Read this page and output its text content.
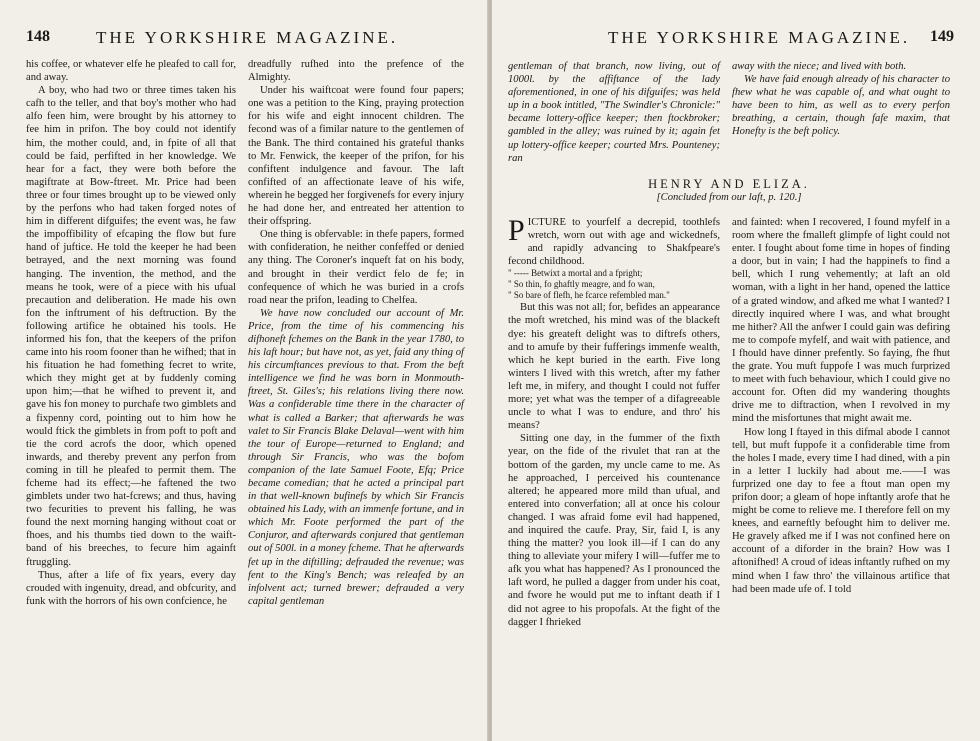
148	THE YORKSHIRE MAGAZINE.

his coffee, or whatever elfe he pleafed to call for, and away.

A boy, who had two or three times taken his cafh to the teller, and that boy's mother who had alfo feen him, were brought by his attorney to fee him in prifon. The boy could not identify him, the mother could, and, in fpite of all that could be faid, perfifted in her knowledge. We hear for a fact, they were both before the magiftrate at Bow-ftreet. Mr. Price had been three or four times brought up to be viewed only by the perfons who had taken forged notes of him in different difguifes; the event was, he faw the impoffibility of efcaping the flow but fure hand of juftice. He told the keeper he had been betrayed, and the next morning was found hanging. The invention, the method, and the means he took, were of a piece with his ufual precaution and deliberation. He made his own fon the inftrument of his deftruction. By the following artifice he obtained his tools. He informed his fon, that the keepers of the prifon came into his room fooner than he wifhed; that in his fituation he had fomething fecret to write, which they might get at by fuddenly coming upon him;—that he wifhed to prevent it, and gave his fon money to purchafe two gimblets and a fixpenny cord, pointing out to him how he would ftick the gimblets in from poft to poft and tie the cord acrofs the door, which opened inwards, and thereby prevent any perfon from coming in till he pleafed to permit them. The fcheme had its effect;—he faftened the two gimblets under two hat-fcrews; and thus, having two fecurities to prevent his falling, he was found the next morning hanging without coat or fhoes, and his thumbs tied down to the waift-band of his breeches, to fecure him againft ftruggling.

Thus, after a life of fix years, every day crouded with ingenuity, dread, and obfcurity, and funk with the horrors of his own confcience, he

dreadfully rufhed into the prefence of the Almighty.

Under his waiftcoat were found four papers; one was a petition to the King, praying protection for his wife and eight innocent children. The fecond was of a fimilar nature to the gentlemen of the Bank. The third contained his grateful thanks to Mr. Fenwick, the keeper of the prifon, for his confiftent indulgence and favour. The laft confifted of an affectionate leave of his wife, wherein he begged her forgivenefs for every injury he had done her, and entreated her attention to their offspring.

One thing is obfervable: in thefe papers, formed with confideration, he neither confeffed or denied any thing. The Coroner's inqueft fat on his body, and brought in their verdict felo de fe; in confequence of which he was buried in a crofs road near the prifon, leading to Chelfea.

We have now concluded our account of Mr. Price, from the time of his commencing his difhoneft fchemes on the Bank in the year 1780, to his laft hour; but have not, as yet, faid any thing of his circumftances previous to that. From the beft intelligence we find he was born in Monmouth-ftreet, St. Giles's; his relations living there now. Was a confiderable time there in the character of what is called a Barker; that afterwards he was valet to Sir Francis Blake Delaval—went with him the tour of Europe—returned to England; and through Sir Francis, who was the bofom companion of the late Samuel Foote, Efq; Price became comedian; that he acted a principal part in that well-known bufinefs by which Sir Francis obtained his Lady, with an immenfe fortune, and in which Mr. Foote performed the part of the Conjuror, and afterwards conjured that gentleman out of 500l. in a money fcheme. That he afterwards fet up in the diftilling; defrauded the revenue; was fent to the King's Bench; was releafed by an infolvent act; turned brewer; defrauded a very capital gentleman

THE YORKSHIRE MAGAZINE. 149

gentleman of that branch, now living, out of 1000l. by the affiftance of the lady aforementioned, in one of his difguifes; was held up in a book intitled, "The Swindler's Chronicle:" became lottery-office keeper; then ftockbroker; gambled in the alley; was ruined by it; again fet up lottery-office keeper; courted Mrs. Pounteney; ran

away with the niece; and lived with both.

We have faid enough already of his character to fhew what he was capable of, and what ought to have been to him, as well as to every perfon breathing, a certain, though fafe maxim, that Honefty is the beft policy.

HENRY AND ELIZA.

[Concluded from our laft, p. 120.]

PICTURE to yourfelf a decrepid, toothlefs wretch, worn out with age and wickednefs, and rapidly advancing to Shakfpeare's fecond childhood.

" ----- Betwixt a mortal and a fpright;

" So thin, fo ghaftly meagre, and fo wan,

" So bare of flefh, he fcarce refembled man."

But this was not all; for, befides an appearance the moft wretched, his mind was of the blackeft dye: his greateft delight was to diftrefs others, and to amufe by their fufferings immenfe wealth, which he kept buried in the earth. Five long winters I lived with this wretch, after my father left me, in mifery, and thought I could not fuffer more; yet what was the temper of a difagreeable uncle to what I was to endure, and thro' his means?

Sitting one day, in the fummer of the fixth year, on the fide of the rivulet that ran at the bottom of the garden, my uncle came to me. As he approached, I perceived his countenance altered; he appeared more mild than ufual, and entered into converfation; all at once his colour changed. I was afraid fome evil had happened, and inquired the caufe. Pray, Sir, faid I, is any thing the matter? you look ill—if I can do any thing to alleviate your mifery I will—fuffer me to afk you what has happened? As I pronounced the laft word, he pulled a dagger from under his coat, and fwore he would put me to inftant death if I did not agree to his propofals. At the fight of the dagger I fhrieked

and fainted: when I recovered, I found myfelf in a room where the fmalleft glimpfe of light could not enter. I fought about fome time in hopes of finding a door, but in vain; I had the happinefs to find a bell, which I rung vehemently; at laft an old woman, with a light in her hand, opened the lattice of a grated window, and afked me what I wanted? I directly inquired where I was, and what brought me hither? All the anfwer I could gain was defiring me to compofe myfelf, and wait with patience, and I fhould have dinner prefently. So faying, fhe fhut the grate. You muft fuppofe I was much furprized to meet with fuch behaviour, which I could give no account for. Often did my wandering thoughts drive me to diftraction, when I revolved in my mind the misfortunes that might await me.

How long I ftayed in this difmal abode I cannot tell, but muft fuppofe it a confiderable time from the holes I made, every time I had dined, with a pin in a letter I luckily had about me.——I was furprized one day to fee a ftout man open my prifon door; a gleam of hope inftantly arofe that he might be come to relieve me. I therefore fell on my knees, and earneftly befought him to deliver me. He gravely afked me if I was not confined here on account of a diforder in the brain? How was I aftonifhed! A croud of ideas inftantly rufhed on my mind when I faw thro' the villainous artifice that had been made ufe of. I told
